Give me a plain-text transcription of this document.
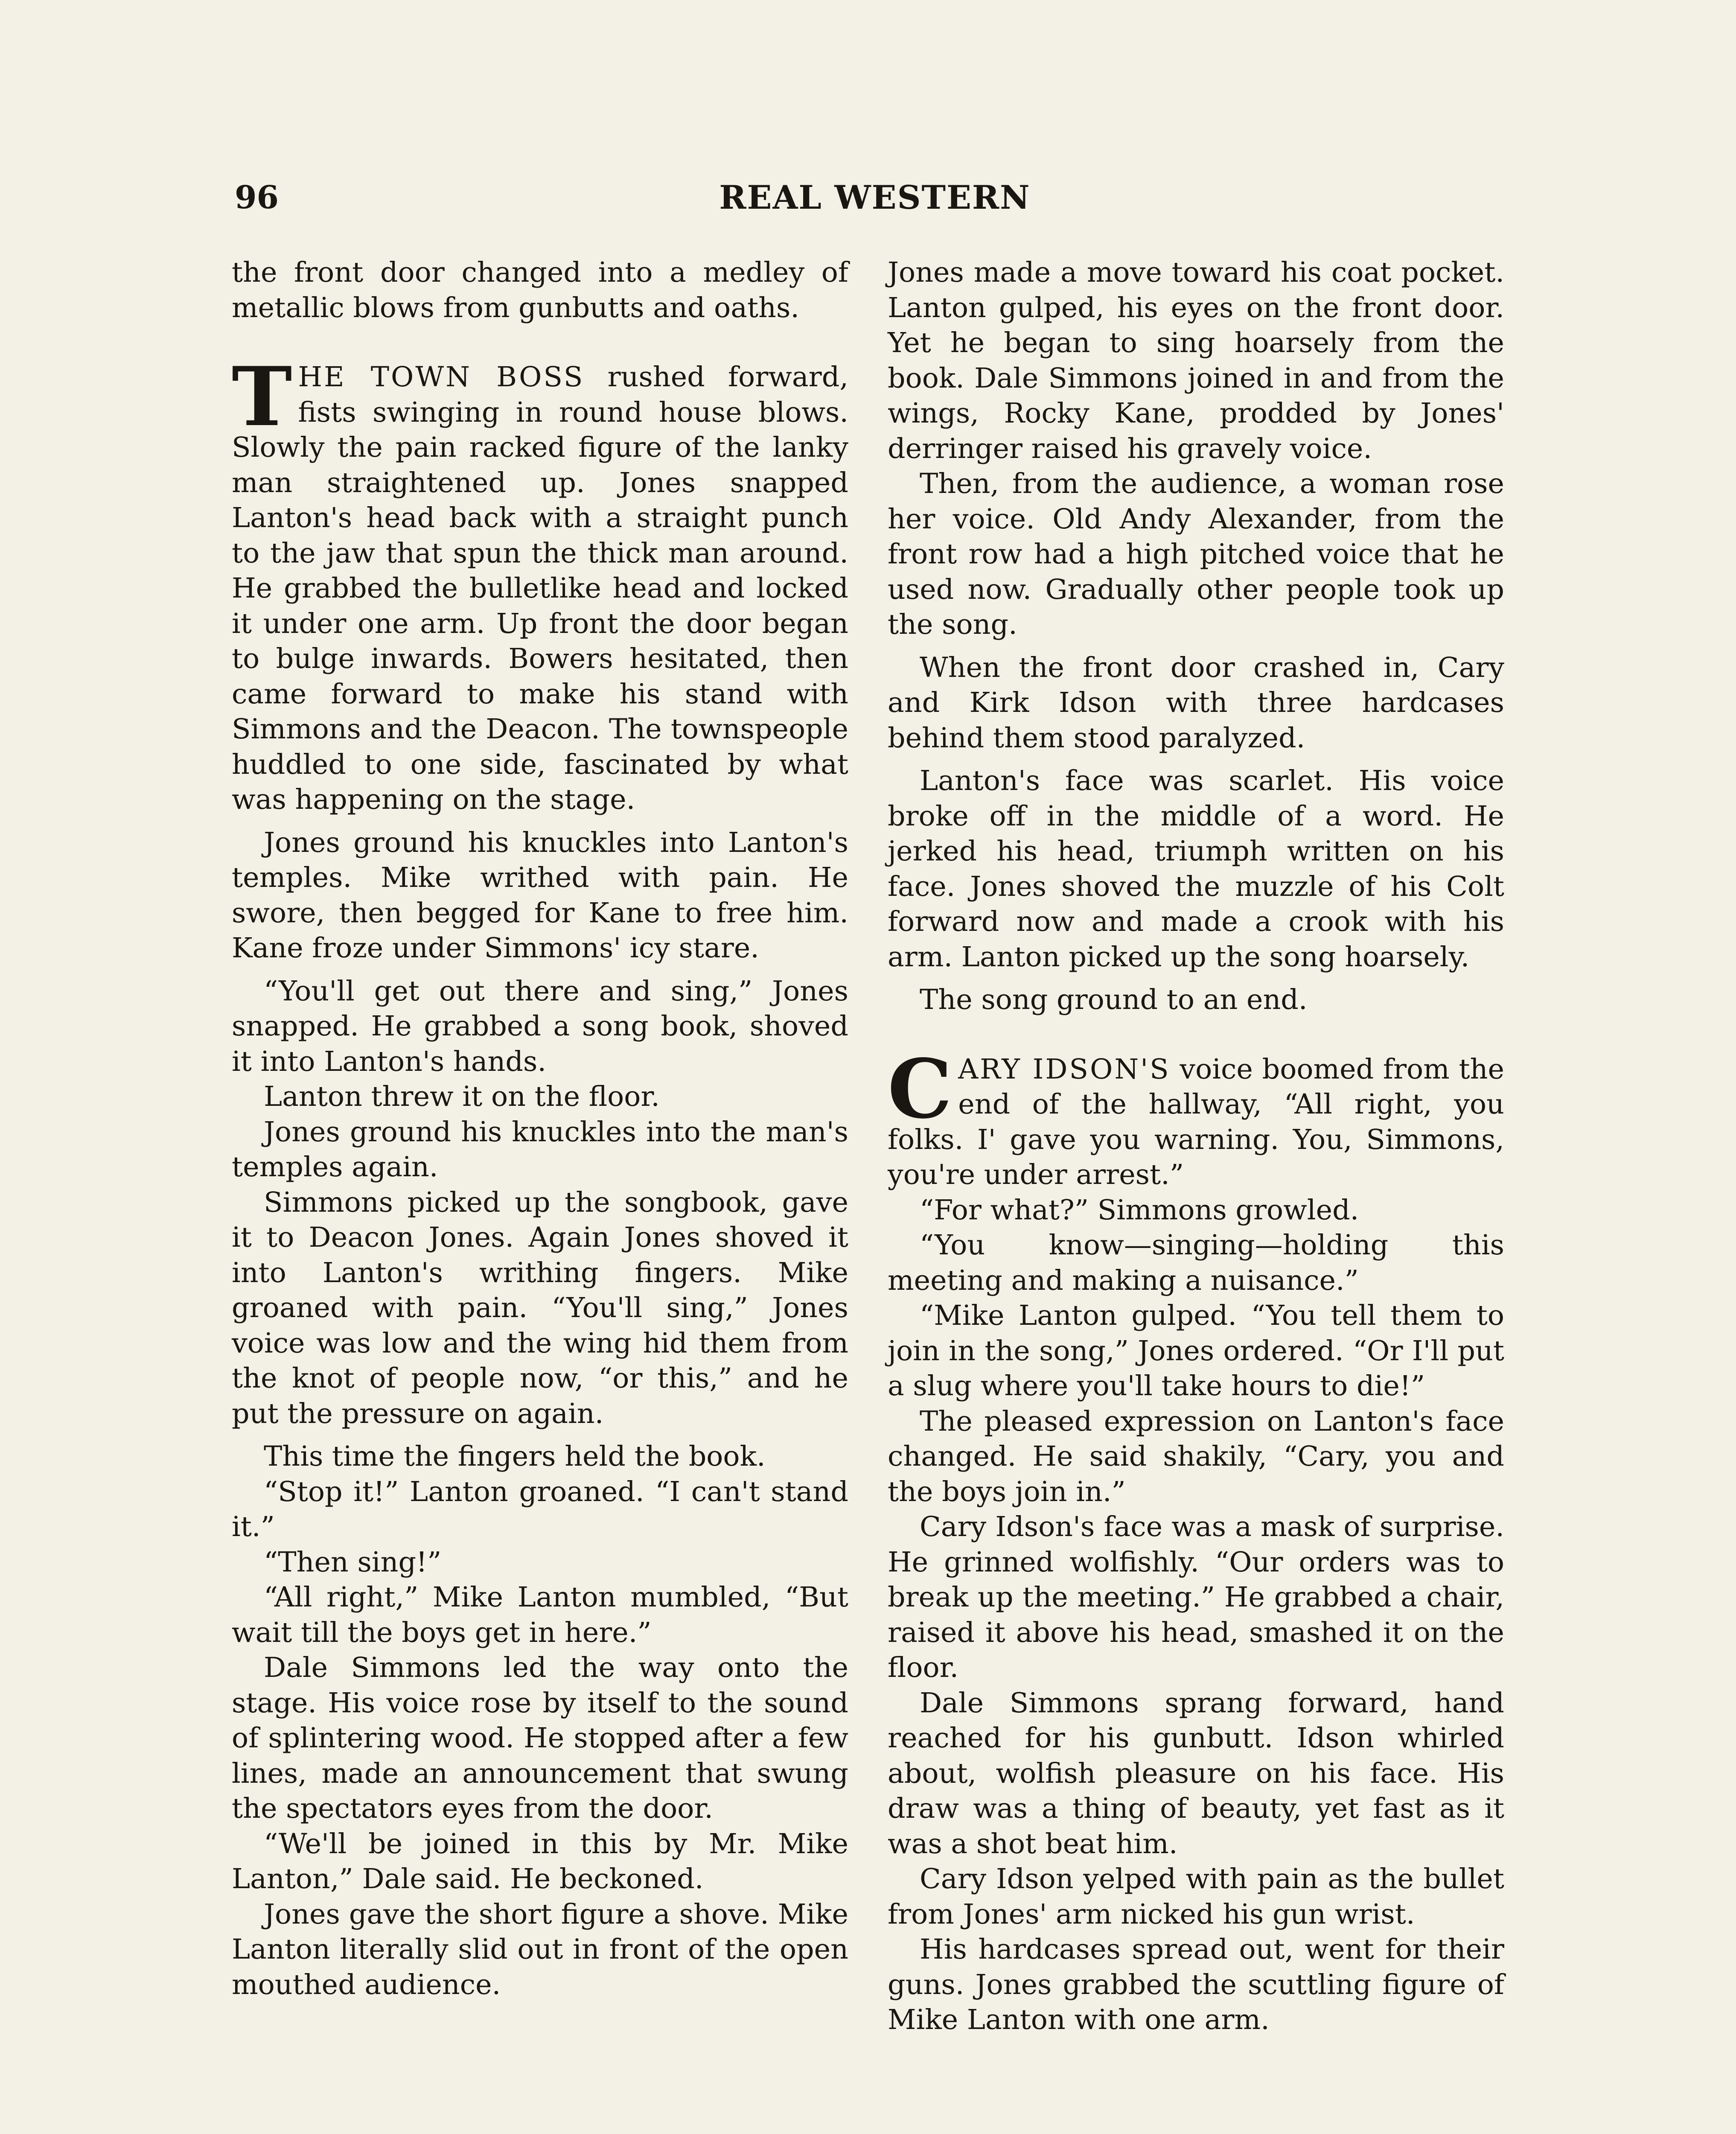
96	REAL WESTERN

the front door changed into a medley of metallic blows from gunbutts and oaths.

THE TOWN BOSS rushed forward, fists swinging in round house blows. Slowly the pain racked figure of the lanky man straightened up. Jones snapped Lanton's head back with a straight punch to the jaw that spun the thick man around. He grabbed the bulletlike head and locked it under one arm. Up front the door began to bulge inwards. Bowers hesitated, then came forward to make his stand with Simmons and the Deacon. The townspeople huddled to one side, fascinated by what was happening on the stage.

Jones ground his knuckles into Lanton's temples. Mike writhed with pain. He swore, then begged for Kane to free him. Kane froze under Simmons' icy stare.

“You'll get out there and sing,” Jones snapped. He grabbed a song book, shoved it into Lanton's hands.

Lanton threw it on the floor.

Jones ground his knuckles into the man's temples again.

Simmons picked up the songbook, gave it to Deacon Jones. Again Jones shoved it into Lanton's writhing fingers. Mike groaned with pain. “You'll sing,” Jones voice was low and the wing hid them from the knot of people now, “or this,” and he put the pressure on again.

This time the fingers held the book.

“Stop it!” Lanton groaned. “I can't stand it.”

“Then sing!”

“All right,” Mike Lanton mumbled, “But wait till the boys get in here.”

Dale Simmons led the way onto the stage. His voice rose by itself to the sound of splintering wood. He stopped after a few lines, made an announcement that swung the spectators eyes from the door.

“We'll be joined in this by Mr. Mike Lanton,” Dale said. He beckoned.

Jones gave the short figure a shove. Mike Lanton literally slid out in front of the open mouthed audience.

Jones made a move toward his coat pocket. Lanton gulped, his eyes on the front door. Yet he began to sing hoarsely from the book. Dale Simmons joined in and from the wings, Rocky Kane, prodded by Jones' derringer raised his gravely voice.

Then, from the audience, a woman rose her voice. Old Andy Alexander, from the front row had a high pitched voice that he used now. Gradually other people took up the song.

When the front door crashed in, Cary and Kirk Idson with three hardcases behind them stood paralyzed.

Lanton's face was scarlet. His voice broke off in the middle of a word. He jerked his head, triumph written on his face. Jones shoved the muzzle of his Colt forward now and made a crook with his arm. Lanton picked up the song hoarsely.

The song ground to an end.

CARY IDSON'S voice boomed from the end of the hallway, “All right, you folks. I' gave you warning. You, Simmons, you're under arrest.”

“For what?” Simmons growled.

“You know—singing—holding this meeting and making a nuisance.”

“Mike Lanton gulped. “You tell them to join in the song,” Jones ordered. “Or I'll put a slug where you'll take hours to die!”

The pleased expression on Lanton's face changed. He said shakily, “Cary, you and the boys join in.”

Cary Idson's face was a mask of surprise. He grinned wolfishly. “Our orders was to break up the meeting.” He grabbed a chair, raised it above his head, smashed it on the floor.

Dale Simmons sprang forward, hand reached for his gunbutt. Idson whirled about, wolfish pleasure on his face. His draw was a thing of beauty, yet fast as it was a shot beat him.

Cary Idson yelped with pain as the bullet from Jones' arm nicked his gun wrist.

His hardcases spread out, went for their guns. Jones grabbed the scuttling figure of Mike Lanton with one arm.
